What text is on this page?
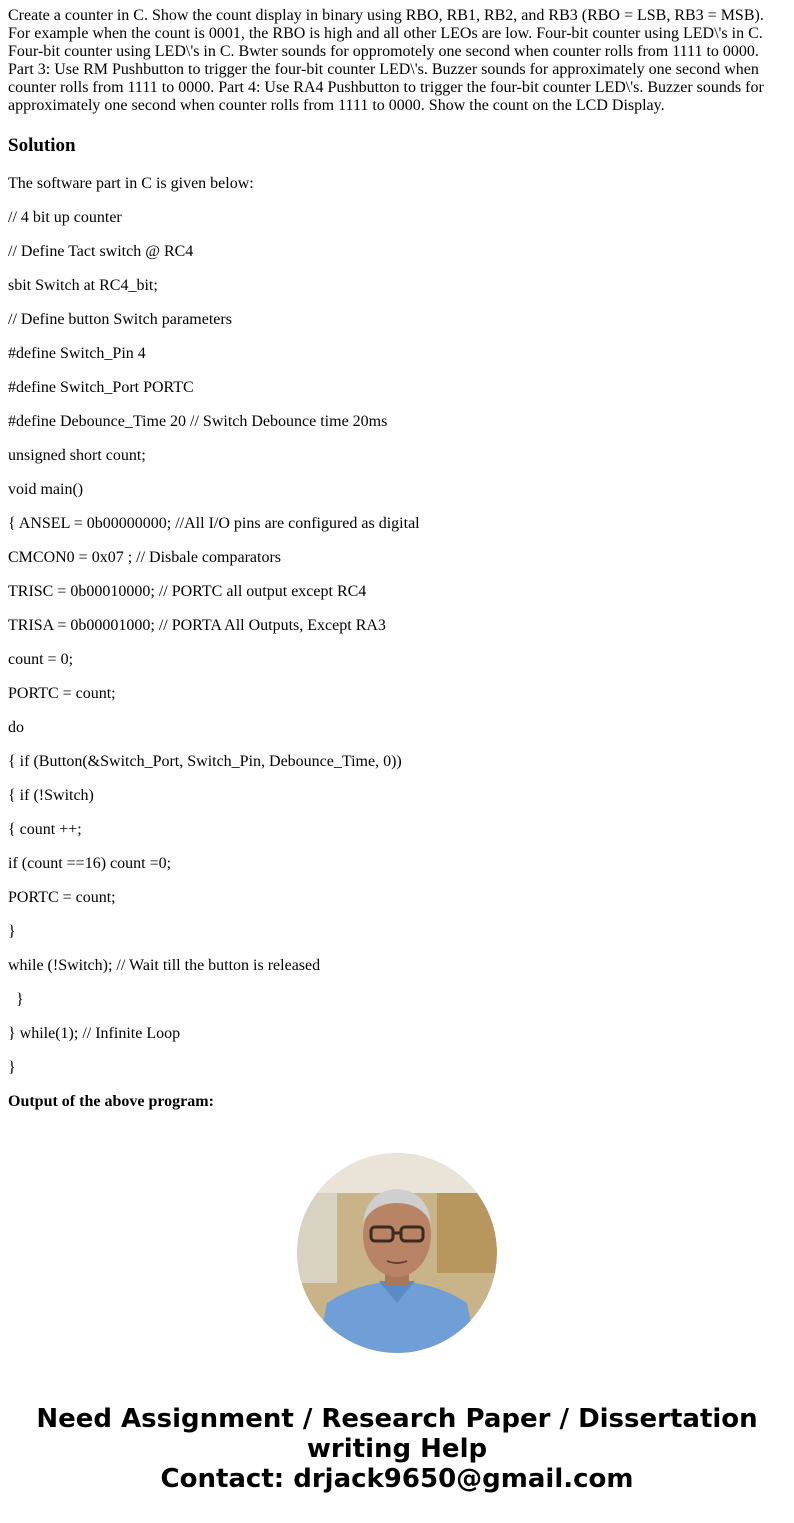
Create a counter in C. Show the count display in binary using RBO, RB1, RB2, and RB3 (RBO = LSB, RB3 = MSB). For example when the count is 0001, the RBO is high and all other LEOs are low. Four-bit counter using LED\'s in C. Four-bit counter using LED\'s in C. Bwter sounds for oppromotely one second when counter rolls from 1111 to 0000. Part 3: Use RM Pushbutton to trigger the four-bit counter LED\'s. Buzzer sounds for approximately one second when counter rolls from 1111 to 0000. Part 4: Use RA4 Pushbutton to trigger the four-bit counter LED\'s. Buzzer sounds for approximately one second when counter rolls from 1111 to 0000. Show the count on the LCD Display.

Solution

The software part in C is given below:

// 4 bit up counter

// Define Tact switch @ RC4

sbit Switch at RC4_bit;

// Define button Switch parameters

#define Switch_Pin 4

#define Switch_Port PORTC

#define Debounce_Time 20 // Switch Debounce time 20ms

unsigned short count;

void main()

{ ANSEL = 0b00000000; //All I/O pins are configured as digital

CMCON0 = 0x07 ; // Disbale comparators

TRISC = 0b00010000; // PORTC all output except RC4

TRISA = 0b00001000; // PORTA All Outputs, Except RA3

count = 0;

PORTC = count;

do

{ if (Button(&Switch_Port, Switch_Pin, Debounce_Time, 0))

{ if (!Switch)

{ count ++;

if (count ==16) count =0;

PORTC = count;

}

while (!Switch); // Wait till the button is released

}

} while(1); // Infinite Loop

}

Output of the above program:

Need Assignment / Research Paper / Dissertation
writing Help
Contact: drjack9650@gmail.com
